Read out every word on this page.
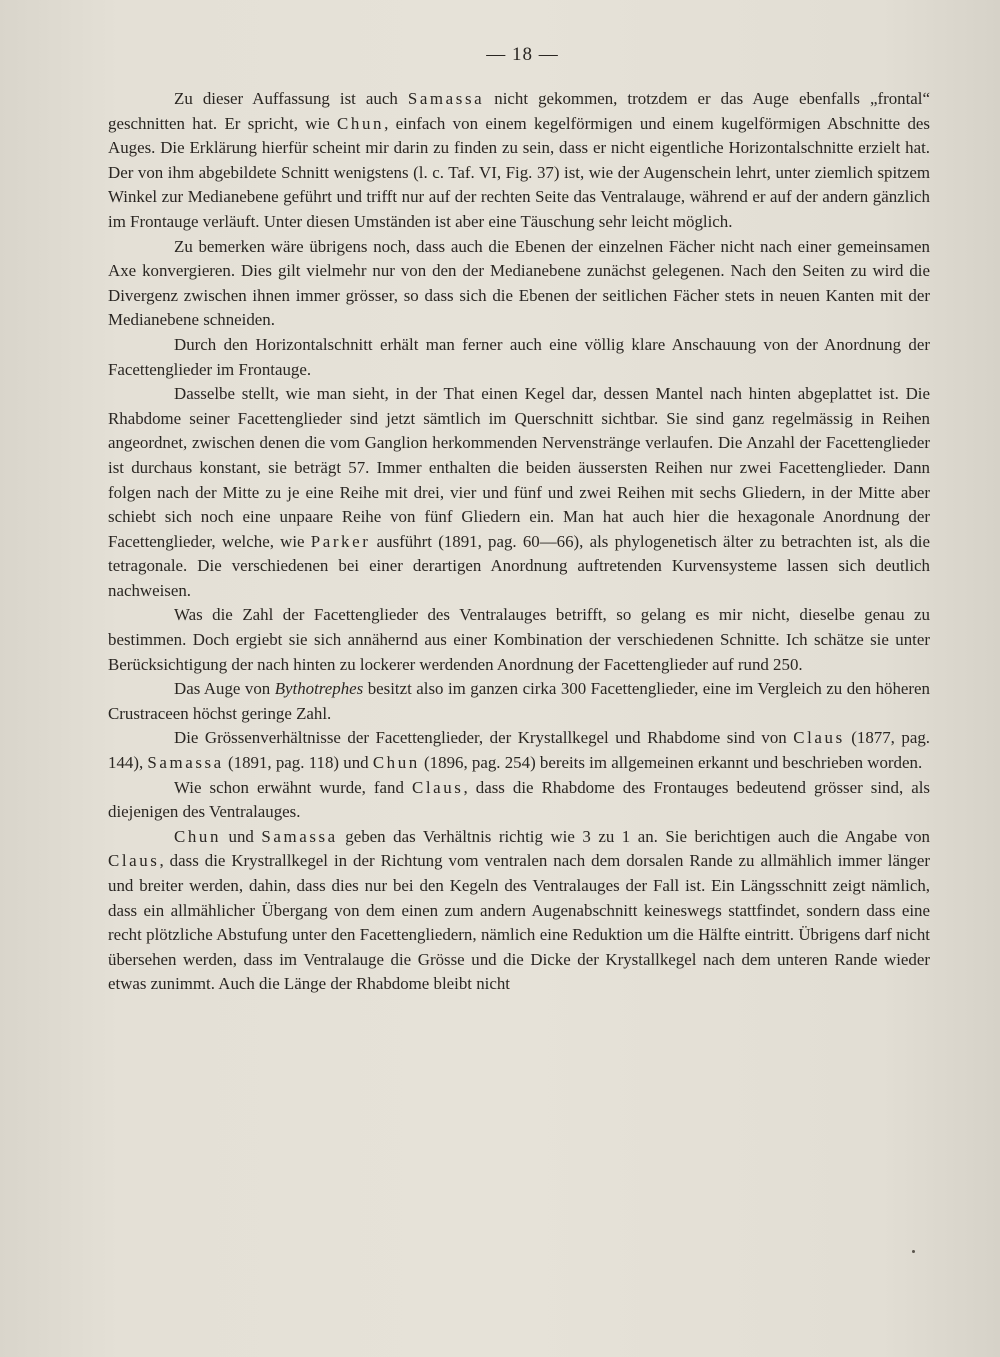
— 18 —

Zu dieser Auffassung ist auch Samassa nicht gekommen, trotzdem er das Auge ebenfalls „frontal“ geschnitten hat. Er spricht, wie Chun, einfach von einem kegelförmigen und einem kugelförmigen Abschnitte des Auges. Die Erklärung hierfür scheint mir darin zu finden zu sein, dass er nicht eigentliche Horizontalschnitte erzielt hat. Der von ihm abgebildete Schnitt wenigstens (l. c. Taf. VI, Fig. 37) ist, wie der Augenschein lehrt, unter ziemlich spitzem Winkel zur Medianebene geführt und trifft nur auf der rechten Seite das Ventralauge, während er auf der andern gänzlich im Frontauge verläuft. Unter diesen Umständen ist aber eine Täuschung sehr leicht möglich.

Zu bemerken wäre übrigens noch, dass auch die Ebenen der einzelnen Fächer nicht nach einer gemeinsamen Axe konvergieren. Dies gilt vielmehr nur von den der Medianebene zunächst gelegenen. Nach den Seiten zu wird die Divergenz zwischen ihnen immer grösser, so dass sich die Ebenen der seitlichen Fächer stets in neuen Kanten mit der Medianebene schneiden.

Durch den Horizontalschnitt erhält man ferner auch eine völlig klare Anschauung von der Anordnung der Facettenglieder im Frontauge.

Dasselbe stellt, wie man sieht, in der That einen Kegel dar, dessen Mantel nach hinten abgeplattet ist. Die Rhabdome seiner Facettenglieder sind jetzt sämtlich im Querschnitt sichtbar. Sie sind ganz regelmässig in Reihen angeordnet, zwischen denen die vom Ganglion herkommenden Nervenstränge verlaufen. Die Anzahl der Facettenglieder ist durchaus konstant, sie beträgt 57. Immer enthalten die beiden äussersten Reihen nur zwei Facettenglieder. Dann folgen nach der Mitte zu je eine Reihe mit drei, vier und fünf und zwei Reihen mit sechs Gliedern, in der Mitte aber schiebt sich noch eine unpaare Reihe von fünf Gliedern ein. Man hat auch hier die hexagonale Anordnung der Facettenglieder, welche, wie Parker ausführt (1891, pag. 60—66), als phylogenetisch älter zu betrachten ist, als die tetragonale. Die verschiedenen bei einer derartigen Anordnung auftretenden Kurvensysteme lassen sich deutlich nachweisen.

Was die Zahl der Facettenglieder des Ventralauges betrifft, so gelang es mir nicht, dieselbe genau zu bestimmen. Doch ergiebt sie sich annähernd aus einer Kombination der verschiedenen Schnitte. Ich schätze sie unter Berücksichtigung der nach hinten zu lockerer werdenden Anordnung der Facettenglieder auf rund 250.

Das Auge von Bythotrephes besitzt also im ganzen cirka 300 Facettenglieder, eine im Vergleich zu den höheren Crustraceen höchst geringe Zahl.

Die Grössenverhältnisse der Facettenglieder, der Krystallkegel und Rhabdome sind von Claus (1877, pag. 144), Samassa (1891, pag. 118) und Chun (1896, pag. 254) bereits im allgemeinen erkannt und beschrieben worden.

Wie schon erwähnt wurde, fand Claus, dass die Rhabdome des Frontauges bedeutend grösser sind, als diejenigen des Ventralauges.

Chun und Samassa geben das Verhältnis richtig wie 3 zu 1 an. Sie berichtigen auch die Angabe von Claus, dass die Krystrallkegel in der Richtung vom ventralen nach dem dorsalen Rande zu allmählich immer länger und breiter werden, dahin, dass dies nur bei den Kegeln des Ventralauges der Fall ist. Ein Längsschnitt zeigt nämlich, dass ein allmählicher Übergang von dem einen zum andern Augenabschnitt keineswegs stattfindet, sondern dass eine recht plötzliche Abstufung unter den Facettengliedern, nämlich eine Reduktion um die Hälfte eintritt. Übrigens darf nicht übersehen werden, dass im Ventralauge die Grösse und die Dicke der Krystallkegel nach dem unteren Rande wieder etwas zunimmt. Auch die Länge der Rhabdome bleibt nicht
